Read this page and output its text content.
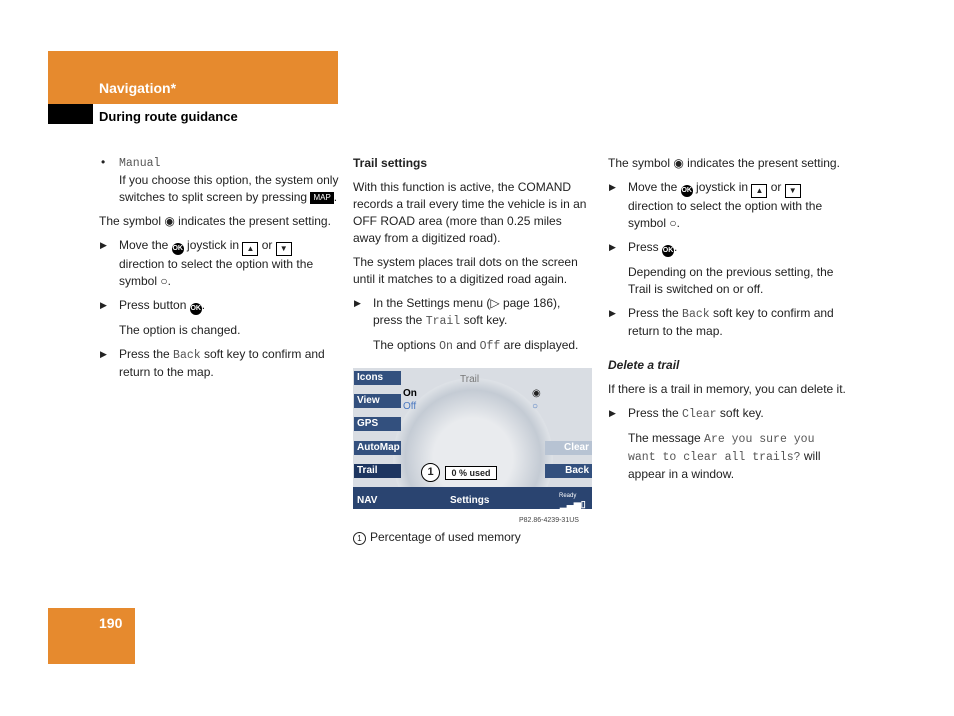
Navigation*
During route guidance
• Manual

If you choose this option, the system only switches to split screen by pressing MAP .

The symbol ◉ indicates the present setting.

▶ Move the OK joystick in ▲ or ▼ direction to select the option with the symbol ○.

▶ Press button OK.

The option is changed.

▶ Press the Back soft key to confirm and return to the map.

Trail settings

With this function is active, the COMAND records a trail every time the vehicle is in an OFF ROAD area (more than 0.25 miles away from a digitized road).

The system places trail dots on the screen until it matches to a digitized road again.

▶ In the Settings menu (▷ page 186), press the Trail soft key.

The options On and Off are displayed.

Icons
View
GPS
AutoMap
Trail
Trail
On
Off
◉
○
Clear
Back
1	0 % used
NAV	Settings	Ready
▁▃▅▯
P82.86-4239-31US
1 Percentage of used memory

The symbol ◉ indicates the present setting.

▶ Move the OK joystick in ▲ or ▼ direction to select the option with the symbol ○.

▶ Press OK.

Depending on the previous setting, the Trail is switched on or off.

▶ Press the Back soft key to confirm and return to the map.

Delete a trail

If there is a trail in memory, you can delete it.

▶ Press the Clear soft key.

The message Are you sure you want to clear all trails? will appear in a window.

190
